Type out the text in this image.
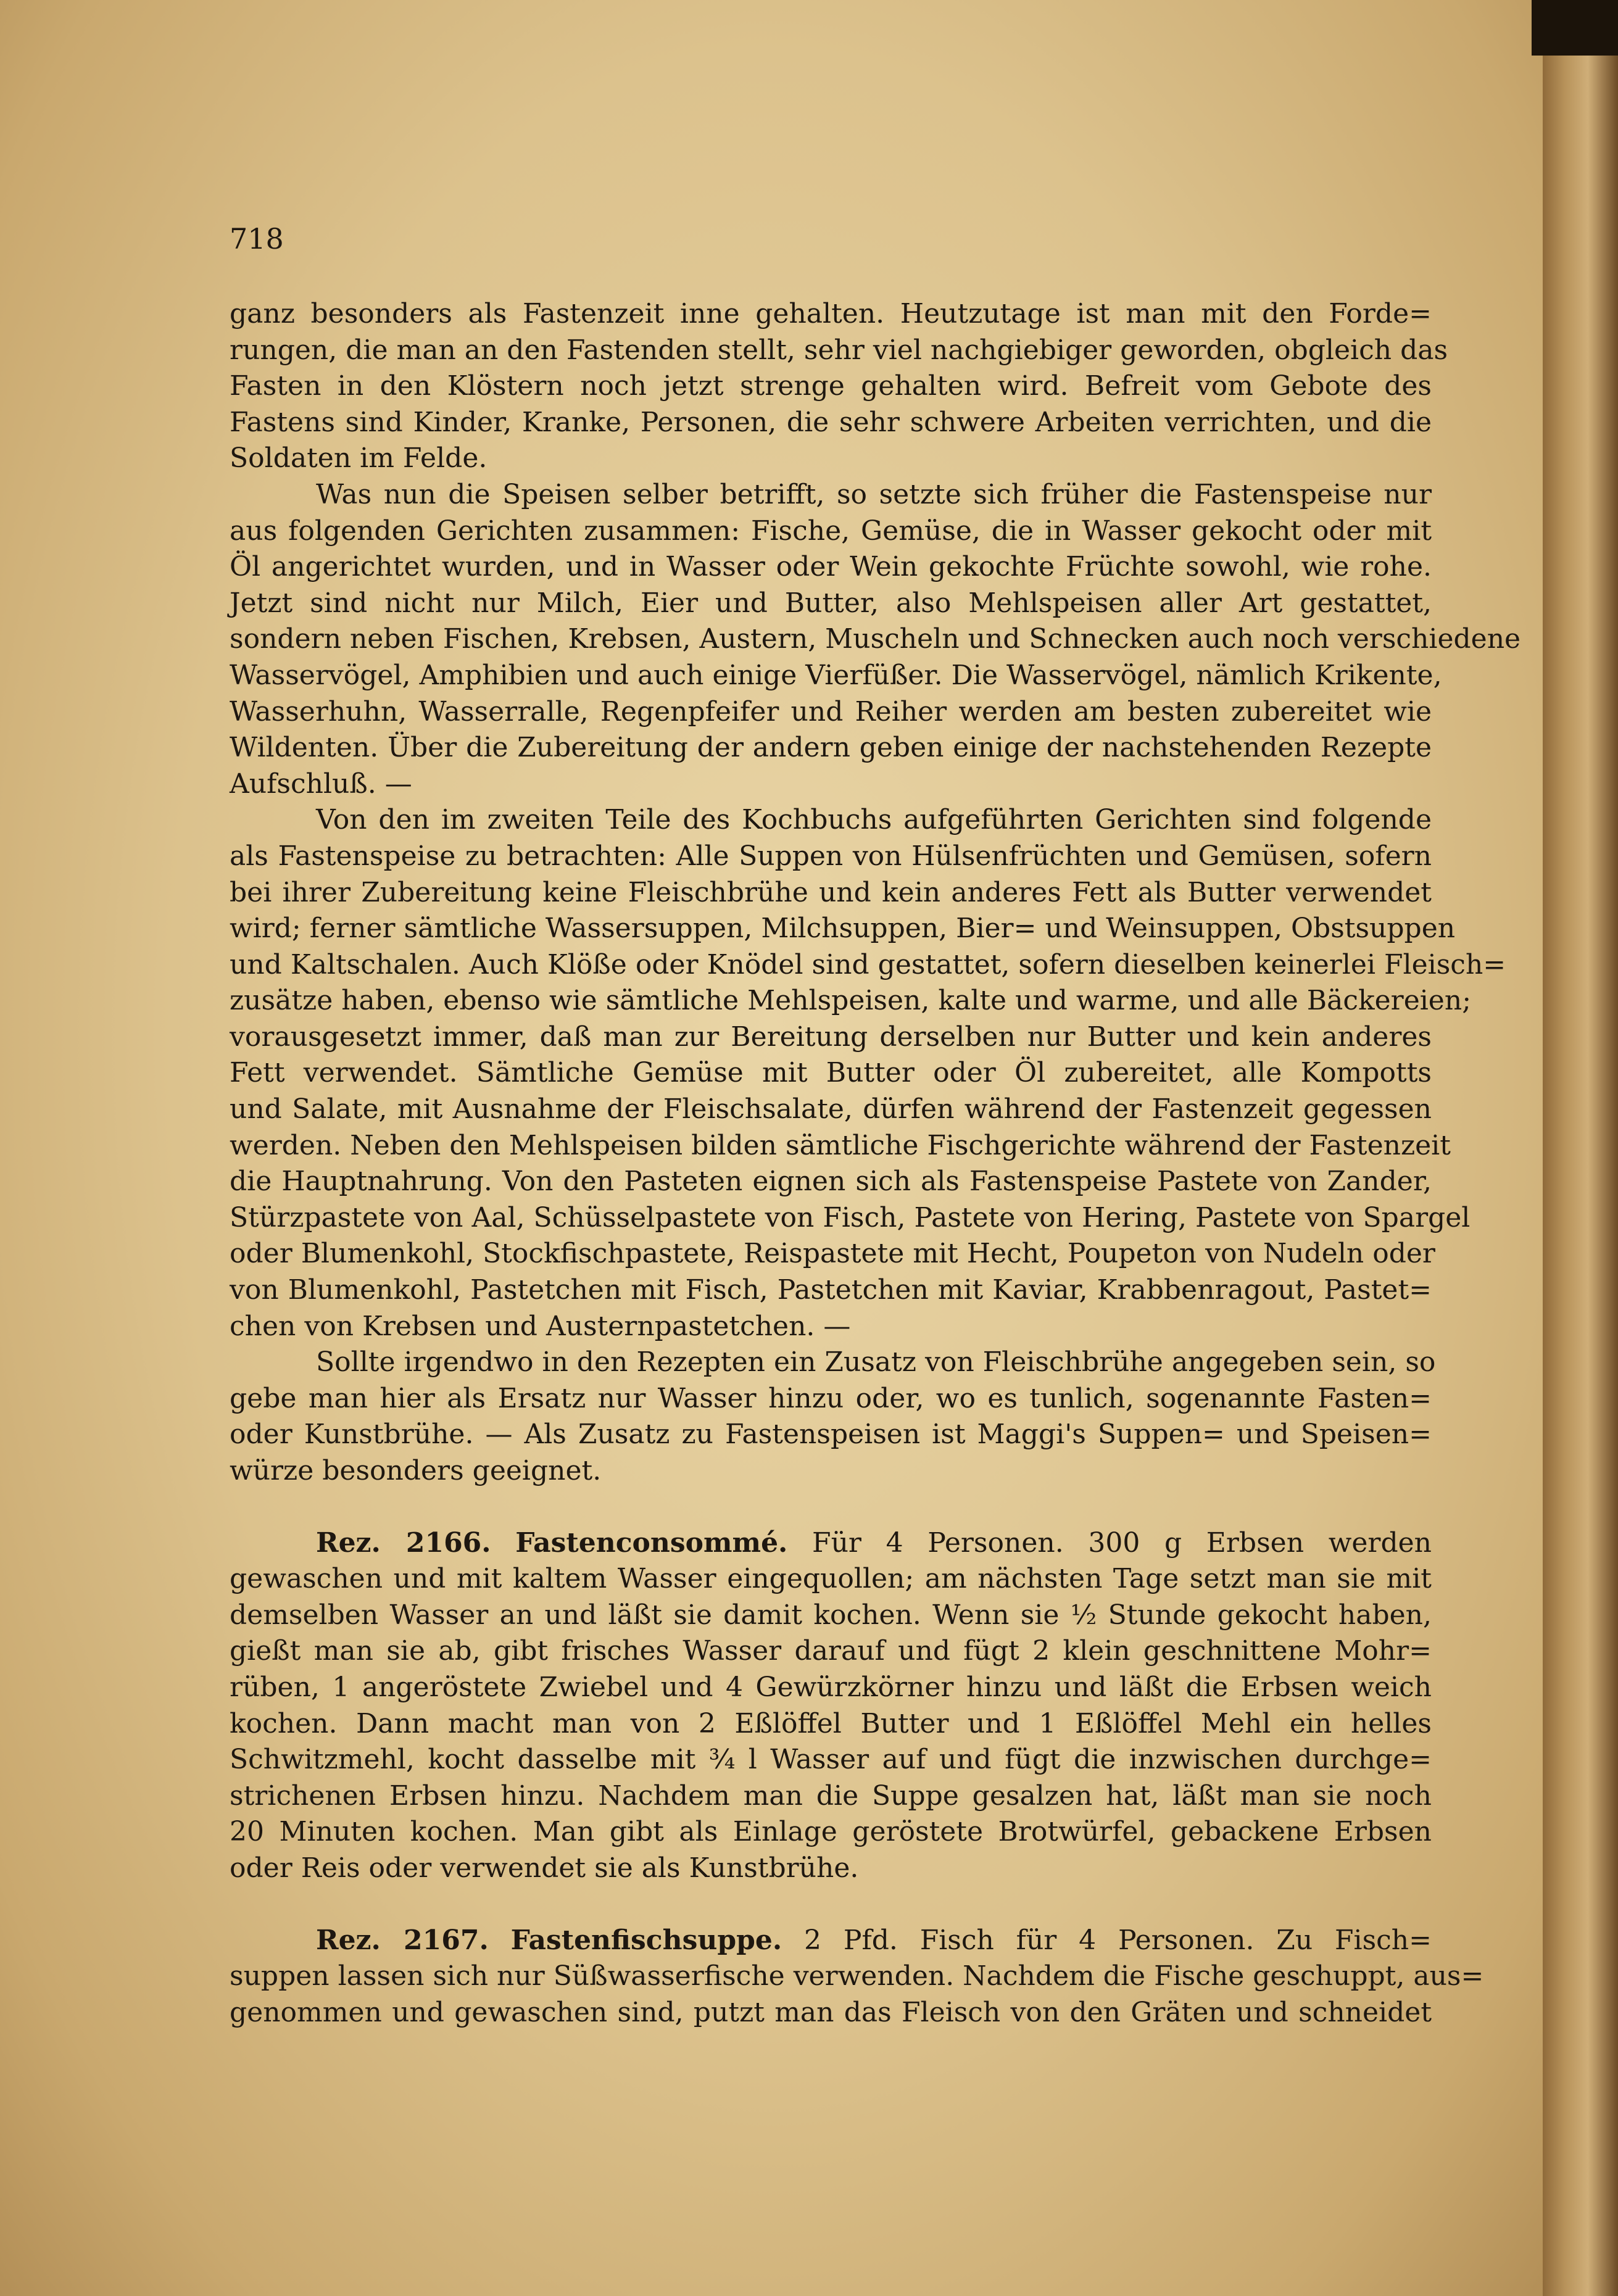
718
ganz besonders als Fastenzeit inne gehalten. Heutzutage ist man mit den Forde=
rungen, die man an den Fastenden stellt, sehr viel nachgiebiger geworden, obgleich das
Fasten in den Klöstern noch jetzt strenge gehalten wird. Befreit vom Gebote des
Fastens sind Kinder, Kranke, Personen, die sehr schwere Arbeiten verrichten, und die
Soldaten im Felde.
Was nun die Speisen selber betrifft, so setzte sich früher die Fastenspeise nur
aus folgenden Gerichten zusammen: Fische, Gemüse, die in Wasser gekocht oder mit
Öl angerichtet wurden, und in Wasser oder Wein gekochte Früchte sowohl, wie rohe.
Jetzt sind nicht nur Milch, Eier und Butter, also Mehlspeisen aller Art gestattet,
sondern neben Fischen, Krebsen, Austern, Muscheln und Schnecken auch noch verschiedene
Wasservögel, Amphibien und auch einige Vierfüßer. Die Wasservögel, nämlich Krikente,
Wasserhuhn, Wasserralle, Regenpfeifer und Reiher werden am besten zubereitet wie
Wildenten. Über die Zubereitung der andern geben einige der nachstehenden Rezepte
Aufschluß. —
Von den im zweiten Teile des Kochbuchs aufgeführten Gerichten sind folgende
als Fastenspeise zu betrachten: Alle Suppen von Hülsenfrüchten und Gemüsen, sofern
bei ihrer Zubereitung keine Fleischbrühe und kein anderes Fett als Butter verwendet
wird; ferner sämtliche Wassersuppen, Milchsuppen, Bier= und Weinsuppen, Obstsuppen
und Kaltschalen. Auch Klöße oder Knödel sind gestattet, sofern dieselben keinerlei Fleisch=
zusätze haben, ebenso wie sämtliche Mehlspeisen, kalte und warme, und alle Bäckereien;
vorausgesetzt immer, daß man zur Bereitung derselben nur Butter und kein anderes
Fett verwendet. Sämtliche Gemüse mit Butter oder Öl zubereitet, alle Kompotts
und Salate, mit Ausnahme der Fleischsalate, dürfen während der Fastenzeit gegessen
werden. Neben den Mehlspeisen bilden sämtliche Fischgerichte während der Fastenzeit
die Hauptnahrung. Von den Pasteten eignen sich als Fastenspeise Pastete von Zander,
Stürzpastete von Aal, Schüsselpastete von Fisch, Pastete von Hering, Pastete von Spargel
oder Blumenkohl, Stockfischpastete, Reispastete mit Hecht, Poupeton von Nudeln oder
von Blumenkohl, Pastetchen mit Fisch, Pastetchen mit Kaviar, Krabbenragout, Pastet=
chen von Krebsen und Austernpastetchen. —
Sollte irgendwo in den Rezepten ein Zusatz von Fleischbrühe angegeben sein, so
gebe man hier als Ersatz nur Wasser hinzu oder, wo es tunlich, sogenannte Fasten=
oder Kunstbrühe. — Als Zusatz zu Fastenspeisen ist Maggi's Suppen= und Speisen=
würze besonders geeignet.
Rez. 2166. Fastenconsommé. Für 4 Personen. 300 g Erbsen werden
gewaschen und mit kaltem Wasser eingequollen; am nächsten Tage setzt man sie mit
demselben Wasser an und läßt sie damit kochen. Wenn sie ½ Stunde gekocht haben,
gießt man sie ab, gibt frisches Wasser darauf und fügt 2 klein geschnittene Mohr=
rüben, 1 angeröstete Zwiebel und 4 Gewürzkörner hinzu und läßt die Erbsen weich
kochen. Dann macht man von 2 Eßlöffel Butter und 1 Eßlöffel Mehl ein helles
Schwitzmehl, kocht dasselbe mit ¾ l Wasser auf und fügt die inzwischen durchge=
strichenen Erbsen hinzu. Nachdem man die Suppe gesalzen hat, läßt man sie noch
20 Minuten kochen. Man gibt als Einlage geröstete Brotwürfel, gebackene Erbsen
oder Reis oder verwendet sie als Kunstbrühe.
Rez. 2167. Fastenfischsuppe. 2 Pfd. Fisch für 4 Personen. Zu Fisch=
suppen lassen sich nur Süßwasserfische verwenden. Nachdem die Fische geschuppt, aus=
genommen und gewaschen sind, putzt man das Fleisch von den Gräten und schneidet
